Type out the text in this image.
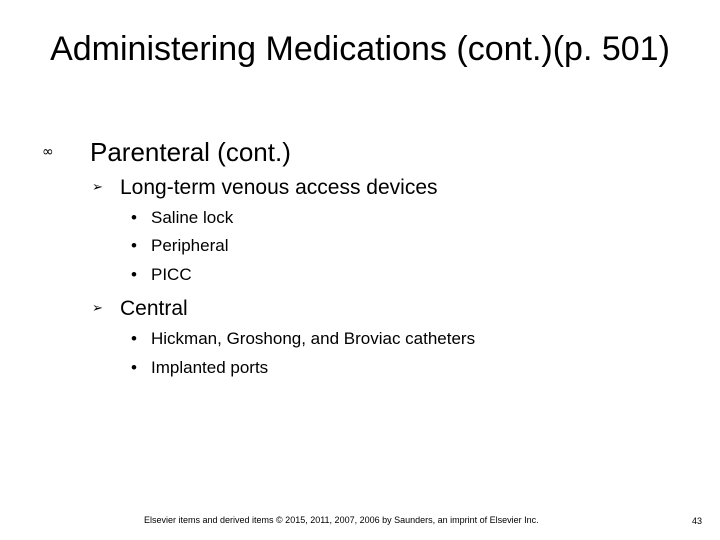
Administering Medications (cont.)(p. 501)
∞	Parenteral (cont.)
➢ Long-term venous access devices
• Saline lock
• Peripheral
• PICC
➢ Central
• Hickman, Groshong, and Broviac catheters
• Implanted ports
Elsevier items and derived items © 2015, 2011, 2007, 2006 by Saunders, an imprint of Elsevier Inc.	43
